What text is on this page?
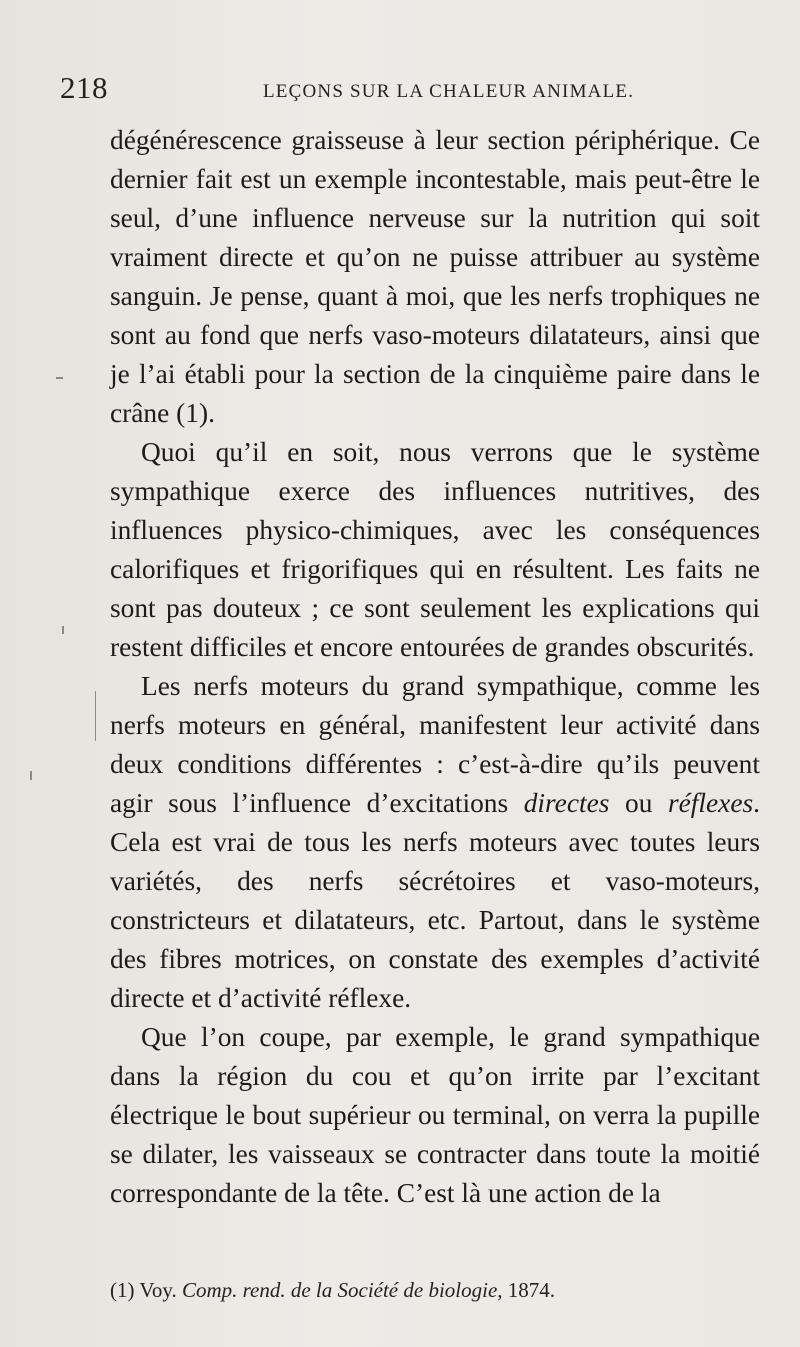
218	LEÇONS SUR LA CHALEUR ANIMALE.

dégénérescence graisseuse à leur section périphérique. Ce dernier fait est un exemple incontestable, mais peut-être le seul, d’une influence nerveuse sur la nutrition qui soit vraiment directe et qu’on ne puisse attribuer au système sanguin. Je pense, quant à moi, que les nerfs trophiques ne sont au fond que nerfs vaso-moteurs dilatateurs, ainsi que je l’ai établi pour la section de la cinquième paire dans le crâne (1).

Quoi qu’il en soit, nous verrons que le système sympathique exerce des influences nutritives, des influences physico-chimiques, avec les conséquences calorifiques et frigorifiques qui en résultent. Les faits ne sont pas douteux ; ce sont seulement les explications qui restent difficiles et encore entourées de grandes obscurités.

Les nerfs moteurs du grand sympathique, comme les nerfs moteurs en général, manifestent leur activité dans deux conditions différentes : c’est-à-dire qu’ils peuvent agir sous l’influence d’excitations directes ou réflexes. Cela est vrai de tous les nerfs moteurs avec toutes leurs variétés, des nerfs sécrétoires et vaso-moteurs, constricteurs et dilatateurs, etc. Partout, dans le système des fibres motrices, on constate des exemples d’activité directe et d’activité réflexe.

Que l’on coupe, par exemple, le grand sympathique dans la région du cou et qu’on irrite par l’excitant électrique le bout supérieur ou terminal, on verra la pupille se dilater, les vaisseaux se contracter dans toute la moitié correspondante de la tête. C’est là une action de la

(1) Voy. Comp. rend. de la Société de biologie, 1874.
